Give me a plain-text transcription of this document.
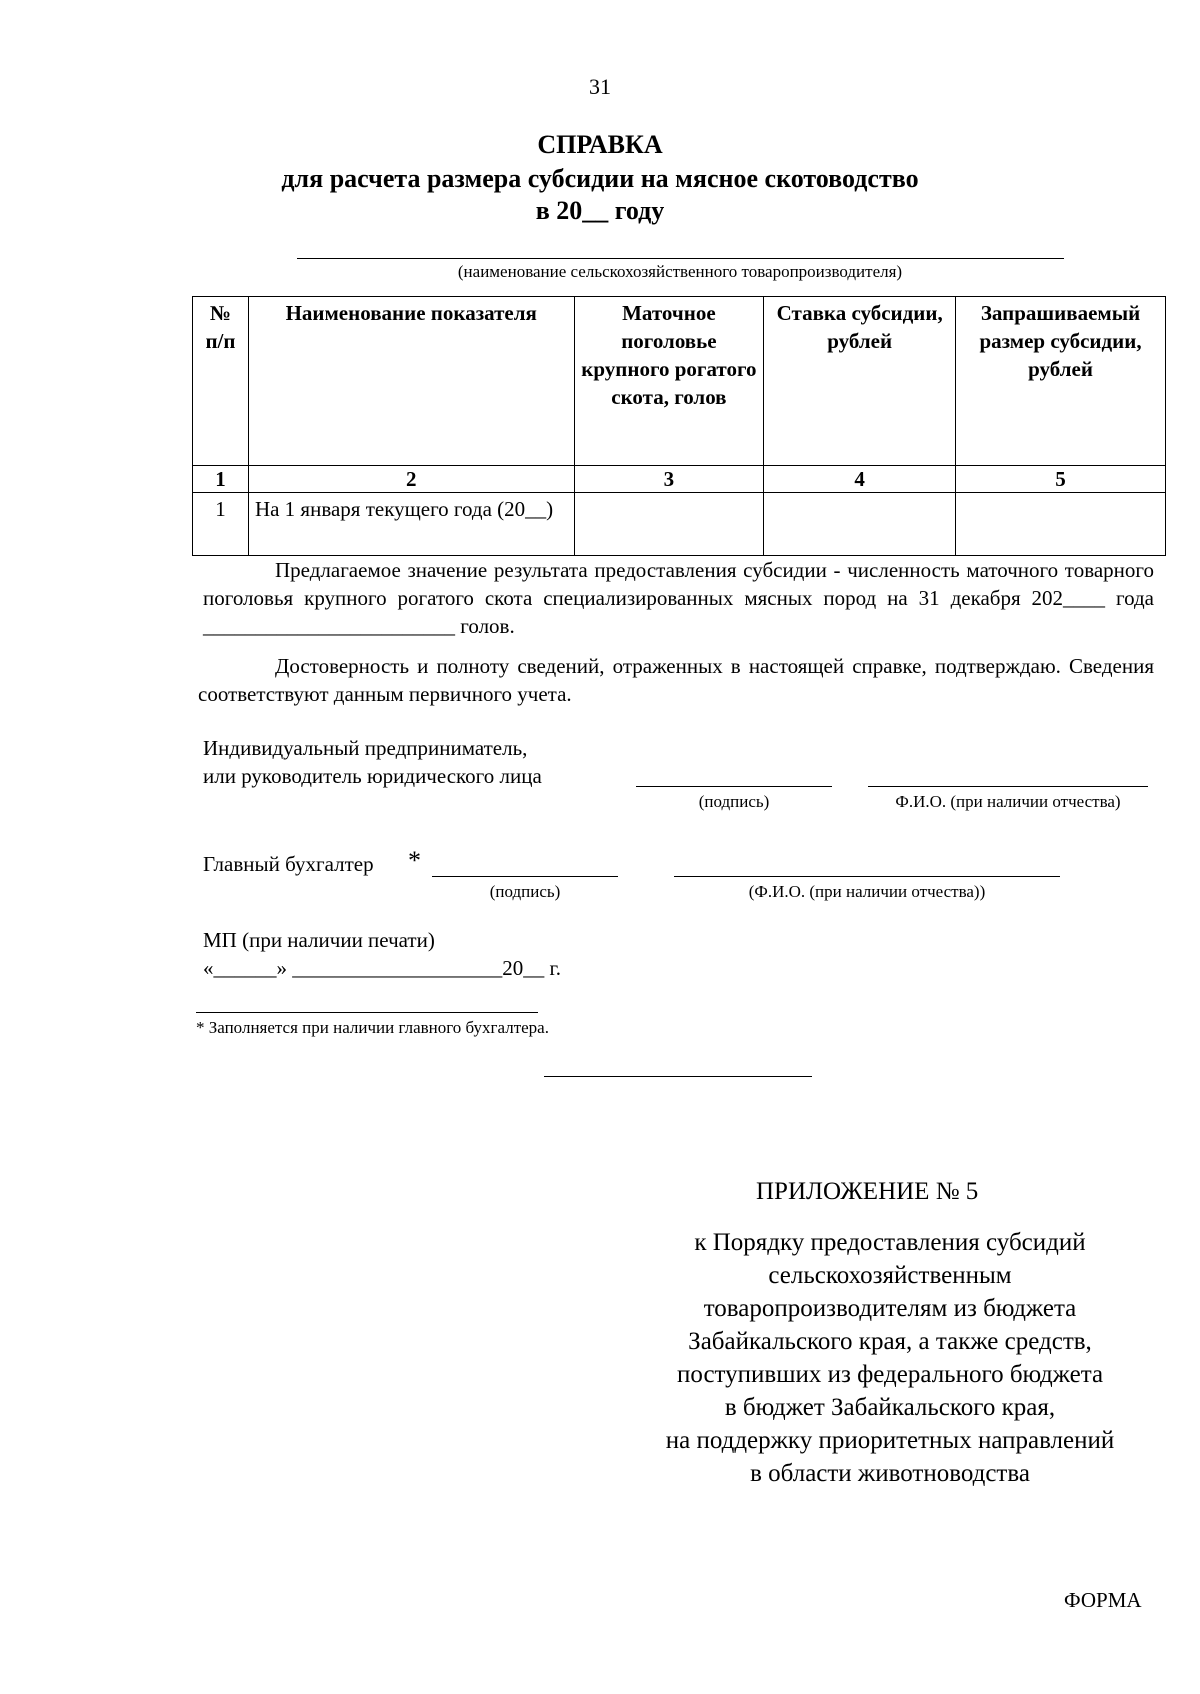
31
СПРАВКА
для расчета размера субсидии на мясное скотоводство
в 20__ году
(наименование сельскохозяйственного товаропроизводителя)
№ п/п	Наименование показателя	Маточное поголовье крупного рогатого скота, голов	Ставка субсидии, рублей	Запрашиваемый размер субсидии, рублей
1	2	3	4	5
1	На 1 января текущего года (20__)			
Предлагаемое значение результата предоставления субсидии - численность маточного товарного поголовья крупного рогатого скота специализированных мясных пород на 31 декабря 202____ года ________________________ голов.
Достоверность и полноту сведений, отраженных в настоящей справке, подтверждаю. Сведения соответствуют данным первичного учета.
Индивидуальный предприниматель,
или руководитель юридического лица
(подпись)	Ф.И.О. (при наличии отчества)
Главный бухгалтер *
(подпись)	(Ф.И.О. (при наличии отчества))
МП (при наличии печати)
«______» ____________________20__ г.
* Заполняется при наличии главного бухгалтера.
ПРИЛОЖЕНИЕ № 5
к Порядку предоставления субсидий
сельскохозяйственным
товаропроизводителям из бюджета
Забайкальского края, а также средств,
поступивших из федерального бюджета
в бюджет Забайкальского края,
на поддержку приоритетных направлений
в области животноводства
ФОРМА
